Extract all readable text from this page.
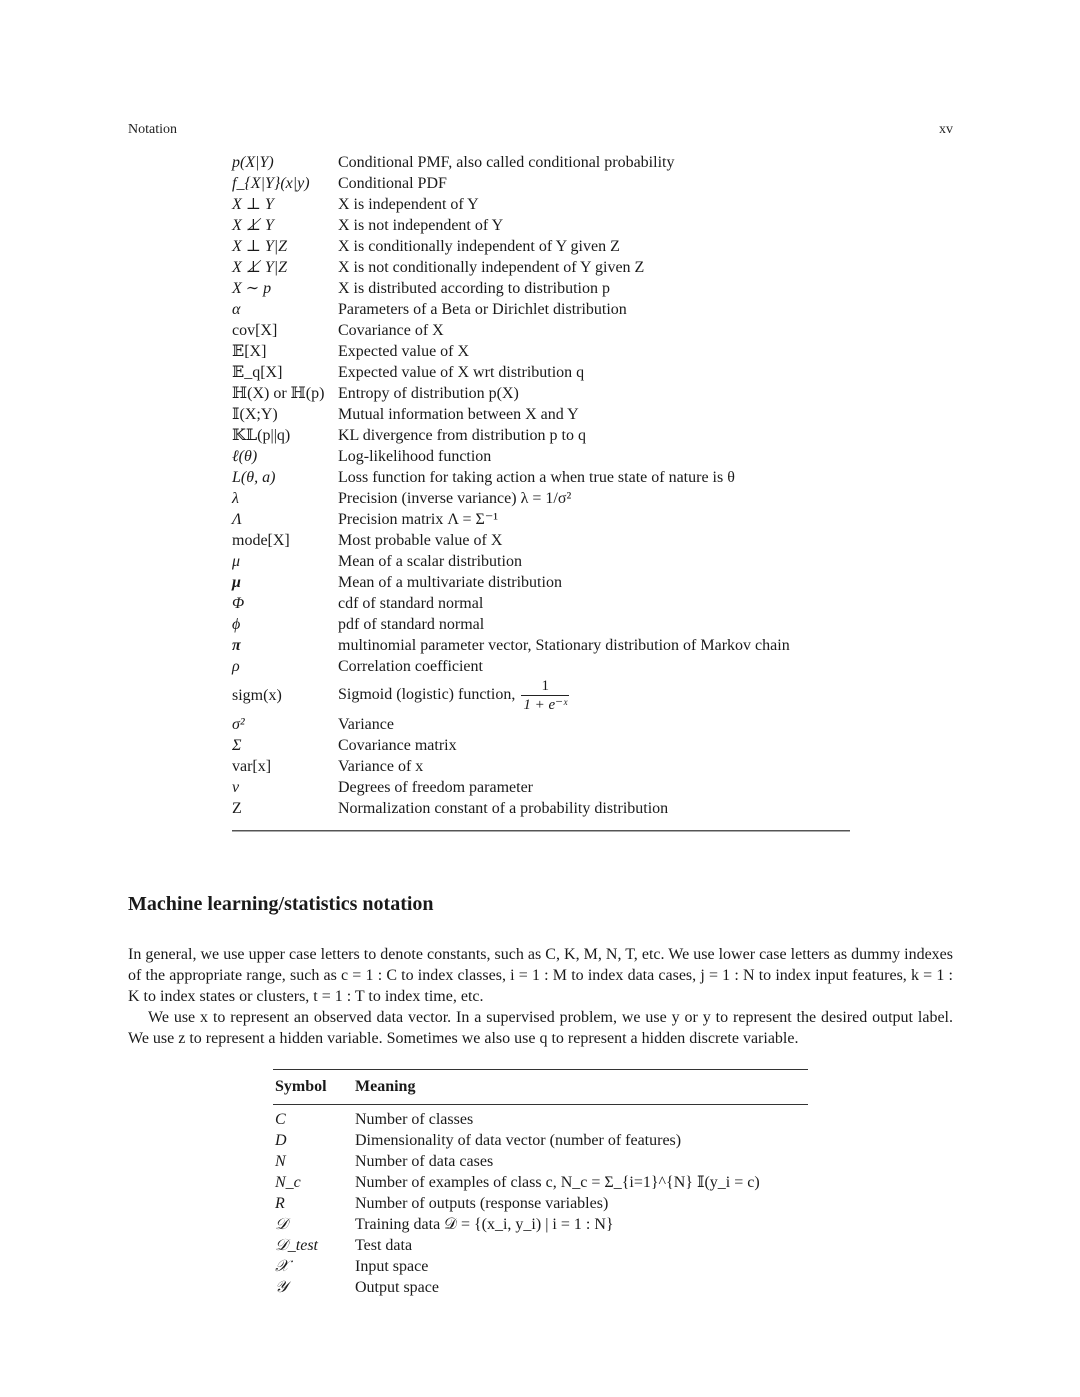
Notation	xv
p(X|Y)	Conditional PMF, also called conditional probability
f_{X|Y}(x|y)	Conditional PDF
X ⊥ Y	X is independent of Y
X ⊥̸ Y	X is not independent of Y
X ⊥ Y|Z	X is conditionally independent of Y given Z
X ⊥̸ Y|Z	X is not conditionally independent of Y given Z
X ∼ p	X is distributed according to distribution p
α	Parameters of a Beta or Dirichlet distribution
cov[X]	Covariance of X
𝔼[X]	Expected value of X
𝔼_q[X]	Expected value of X wrt distribution q
ℍ(X) or ℍ(p)	Entropy of distribution p(X)
𝕀(X;Y)	Mutual information between X and Y
𝕂𝕃(p||q)	KL divergence from distribution p to q
ℓ(θ)	Log-likelihood function
L(θ, a)	Loss function for taking action a when true state of nature is θ
λ	Precision (inverse variance) λ = 1/σ²
Λ	Precision matrix Λ = Σ⁻¹
mode[X]	Most probable value of X
μ	Mean of a scalar distribution
μ	Mean of a multivariate distribution
Φ	cdf of standard normal
ϕ	pdf of standard normal
π	multinomial parameter vector, Stationary distribution of Markov chain
ρ	Correlation coefficient
sigm(x)	Sigmoid (logistic) function, $\frac{1}{\text{1 + e⁻ˣ}}$

σ²	Variance
Σ	Covariance matrix
var[x]	Variance of x
ν	Degrees of freedom parameter
Z	Normalization constant of a probability distribution
Machine learning/statistics notation

In general, we use upper case letters to denote constants, such as C, K, M, N, T, etc. We use lower case letters as dummy indexes of the appropriate range, such as c = 1 : C to index classes, i = 1 : M to index data cases, j = 1 : N to index input features, k = 1 : K to index states or clusters, t = 1 : T to index time, etc.

We use x to represent an observed data vector. In a supervised problem, we use y or y to represent the desired output label. We use z to represent a hidden variable. Sometimes we also use q to represent a hidden discrete variable.

Symbol	Meaning
C	Number of classes
D	Dimensionality of data vector (number of features)
N	Number of data cases
N_c	Number of examples of class c, N_c = Σ_{i=1}^{N} 𝕀(y_i = c)
R	Number of outputs (response variables)
𝒟	Training data 𝒟 = {(x_i, y_i) | i = 1 : N}
𝒟_test	Test data
𝒳	Input space
𝒴	Output space
